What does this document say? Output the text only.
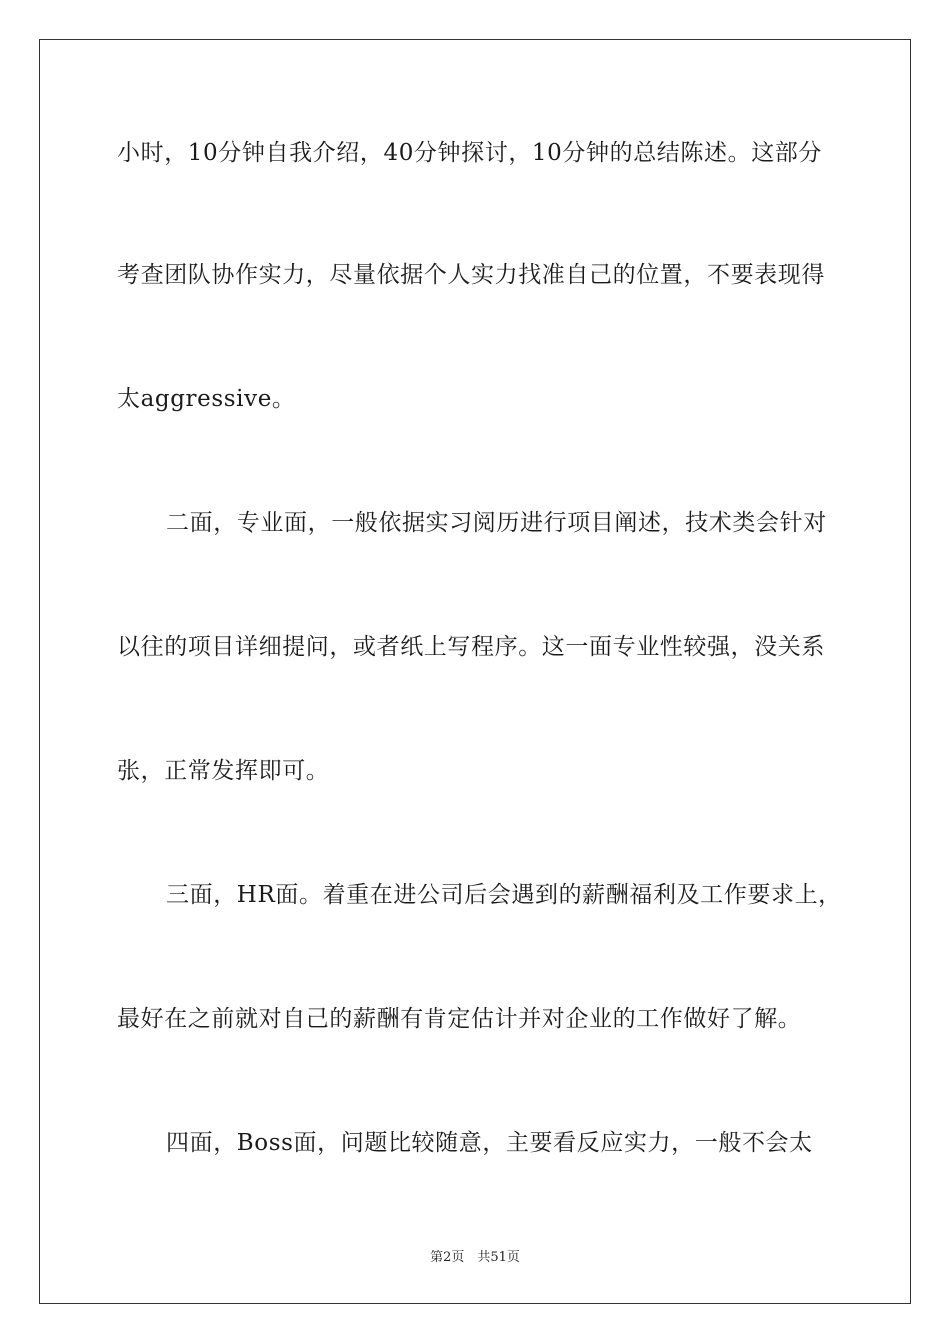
小时，10分钟自我介绍，40分钟探讨，10分钟的总结陈述。这部分
考查团队协作实力，尽量依据个人实力找准自己的位置，不要表现得
太aggressive。
二面，专业面，一般依据实习阅历进行项目阐述，技术类会针对
以往的项目详细提问，或者纸上写程序。这一面专业性较强，没关系
张，正常发挥即可。
三面，HR面。着重在进公司后会遇到的薪酬福利及工作要求上，
最好在之前就对自己的薪酬有肯定估计并对企业的工作做好了解。
四面，Boss面，问题比较随意，主要看反应实力，一般不会太
第2页　共51页
